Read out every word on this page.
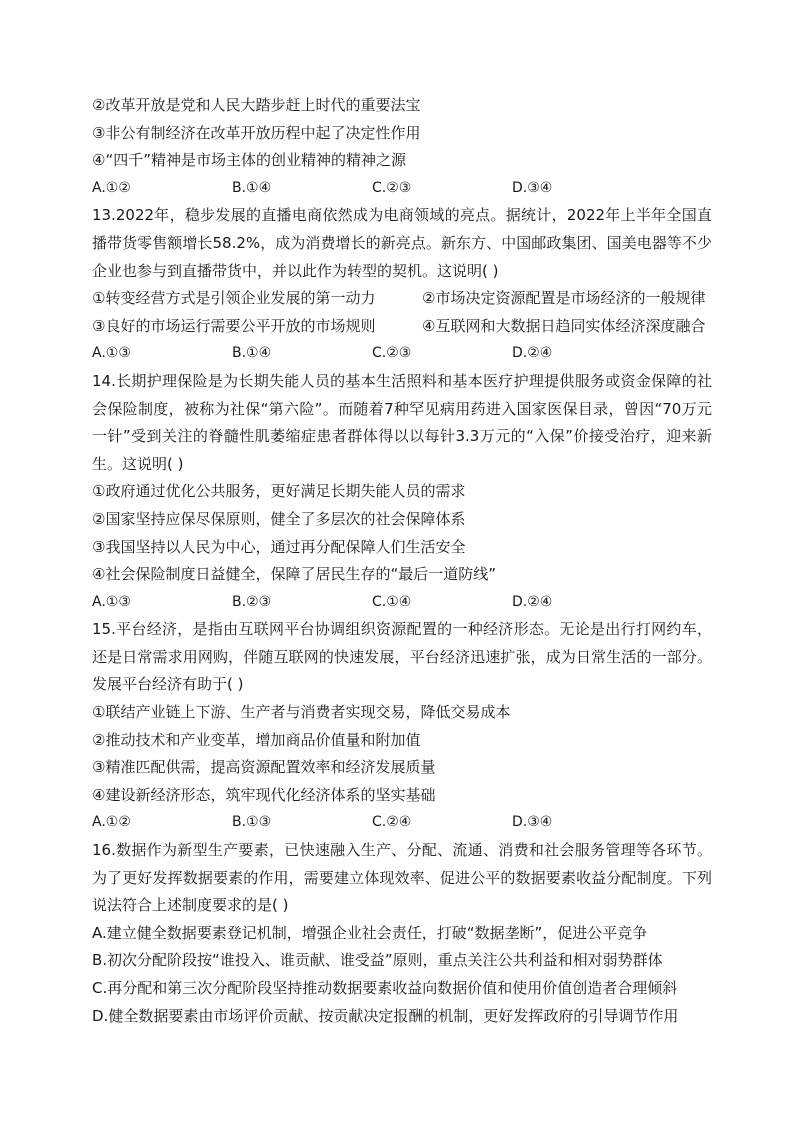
②改革开放是党和人民大踏步赶上时代的重要法宝
③非公有制经济在改革开放历程中起了决定性作用
④“四千”精神是市场主体的创业精神的精神之源
A.①②	B.①④	C.②③	D.③④
13.2022年，稳步发展的直播电商依然成为电商领域的亮点。据统计，2022年上半年全国直播带货零售额增长58.2%，成为消费增长的新亮点。新东方、中国邮政集团、国美电器等不少企业也参与到直播带货中，并以此作为转型的契机。这说明( )
①转变经营方式是引领企业发展的第一动力	②市场决定资源配置是市场经济的一般规律
③良好的市场运行需要公平开放的市场规则	④互联网和大数据日趋同实体经济深度融合
A.①③	B.①④	C.②③	D.②④
14.长期护理保险是为长期失能人员的基本生活照料和基本医疗护理提供服务或资金保障的社会保险制度，被称为社保“第六险”。而随着7种罕见病用药进入国家医保目录，曾因“70万元一针”受到关注的脊髓性肌萎缩症患者群体得以以每针3.3万元的“入保”价接受治疗，迎来新生。这说明( )
①政府通过优化公共服务，更好满足长期失能人员的需求
②国家坚持应保尽保原则，健全了多层次的社会保障体系
③我国坚持以人民为中心，通过再分配保障人们生活安全
④社会保险制度日益健全，保障了居民生存的“最后一道防线”
A.①③	B.②③	C.①④	D.②④
15.平台经济，是指由互联网平台协调组织资源配置的一种经济形态。无论是出行打网约车，还是日常需求用网购，伴随互联网的快速发展，平台经济迅速扩张，成为日常生活的一部分。发展平台经济有助于( )
①联结产业链上下游、生产者与消费者实现交易，降低交易成本
②推动技术和产业变革，增加商品价值量和附加值
③精准匹配供需，提高资源配置效率和经济发展质量
④建设新经济形态，筑牢现代化经济体系的坚实基础
A.①②	B.①③	C.②④	D.③④
16.数据作为新型生产要素，已快速融入生产、分配、流通、消费和社会服务管理等各环节。为了更好发挥数据要素的作用，需要建立体现效率、促进公平的数据要素收益分配制度。下列说法符合上述制度要求的是( )
A.建立健全数据要素登记机制，增强企业社会责任，打破“数据垄断”，促进公平竞争
B.初次分配阶段按“谁投入、谁贡献、谁受益”原则，重点关注公共利益和相对弱势群体
C.再分配和第三次分配阶段坚持推动数据要素收益向数据价值和使用价值创造者合理倾斜
D.健全数据要素由市场评价贡献、按贡献决定报酬的机制，更好发挥政府的引导调节作用
